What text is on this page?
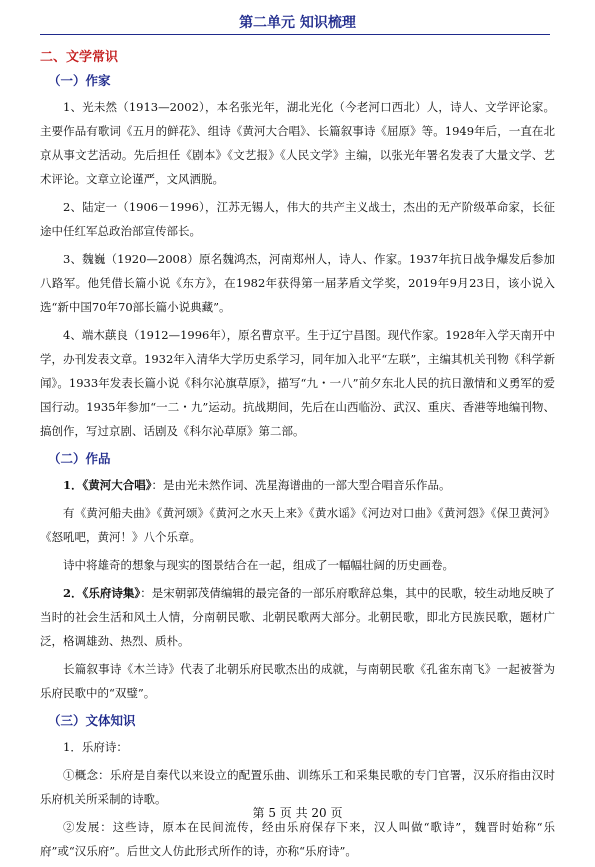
第二单元 知识梳理
二、文学常识
（一）作家

1、光未然（1913—2002），本名张光年，湖北光化（今老河口西北）人，诗人、文学评论家。主要作品有歌词《五月的鲜花》、组诗《黄河大合唱》、长篇叙事诗《屈原》等。1949年后，一直在北京从事文艺活动。先后担任《剧本》《文艺报》《人民文学》主编，以张光年署名发表了大量文学、艺术评论。文章立论谨严，文风洒脱。

2、陆定一（1906－1996），江苏无锡人，伟大的共产主义战士，杰出的无产阶级革命家，长征途中任红军总政治部宣传部长。

3、魏巍（1920—2008）原名魏鸿杰，河南郑州人，诗人、作家。1937年抗日战争爆发后参加八路军。他凭借长篇小说《东方》，在1982年获得第一届茅盾文学奖，2019年9月23日，该小说入选“新中国70年70部长篇小说典藏”。

4、端木蕻良（1912—1996年），原名曹京平。生于辽宁昌图。现代作家。1928年入学天南开中学，办刊发表文章。1932年入清华大学历史系学习，同年加入北平“左联”，主编其机关刊物《科学新闻》。1933年发表长篇小说《科尔沁旗草原》，描写“九・一八”前夕东北人民的抗日激情和义勇军的爱国行动。1935年参加“一二・九”运动。抗战期间，先后在山西临汾、武汉、重庆、香港等地编刊物、搞创作，写过京剧、话剧及《科尔沁草原》第二部。

（二）作品

1．《黄河大合唱》：是由光未然作词、冼星海谱曲的一部大型合唱音乐作品。

有《黄河船夫曲》《黄河颂》《黄河之水天上来》《黄水谣》《河边对口曲》《黄河怨》《保卫黄河》《怒吼吧，黄河！》八个乐章。

诗中将雄奇的想象与现实的图景结合在一起，组成了一幅幅壮阔的历史画卷。

2．《乐府诗集》：是宋朝郭茂倩编辑的最完备的一部乐府歌辞总集，其中的民歌，较生动地反映了当时的社会生活和风土人情，分南朝民歌、北朝民歌两大部分。北朝民歌，即北方民族民歌，题材广泛，格调雄劲、热烈、质朴。

长篇叙事诗《木兰诗》代表了北朝乐府民歌杰出的成就，与南朝民歌《孔雀东南飞》一起被誉为乐府民歌中的“双璧”。

（三）文体知识

1．乐府诗：

①概念：乐府是自秦代以来设立的配置乐曲、训练乐工和采集民歌的专门官署，汉乐府指由汉时乐府机关所采制的诗歌。

②发展：这些诗，原本在民间流传，经由乐府保存下来，汉人叫做“歌诗”，魏晋时始称“乐府”或“汉乐府”。后世文人仿此形式所作的诗，亦称“乐府诗”。

第 5 页 共 20 页
